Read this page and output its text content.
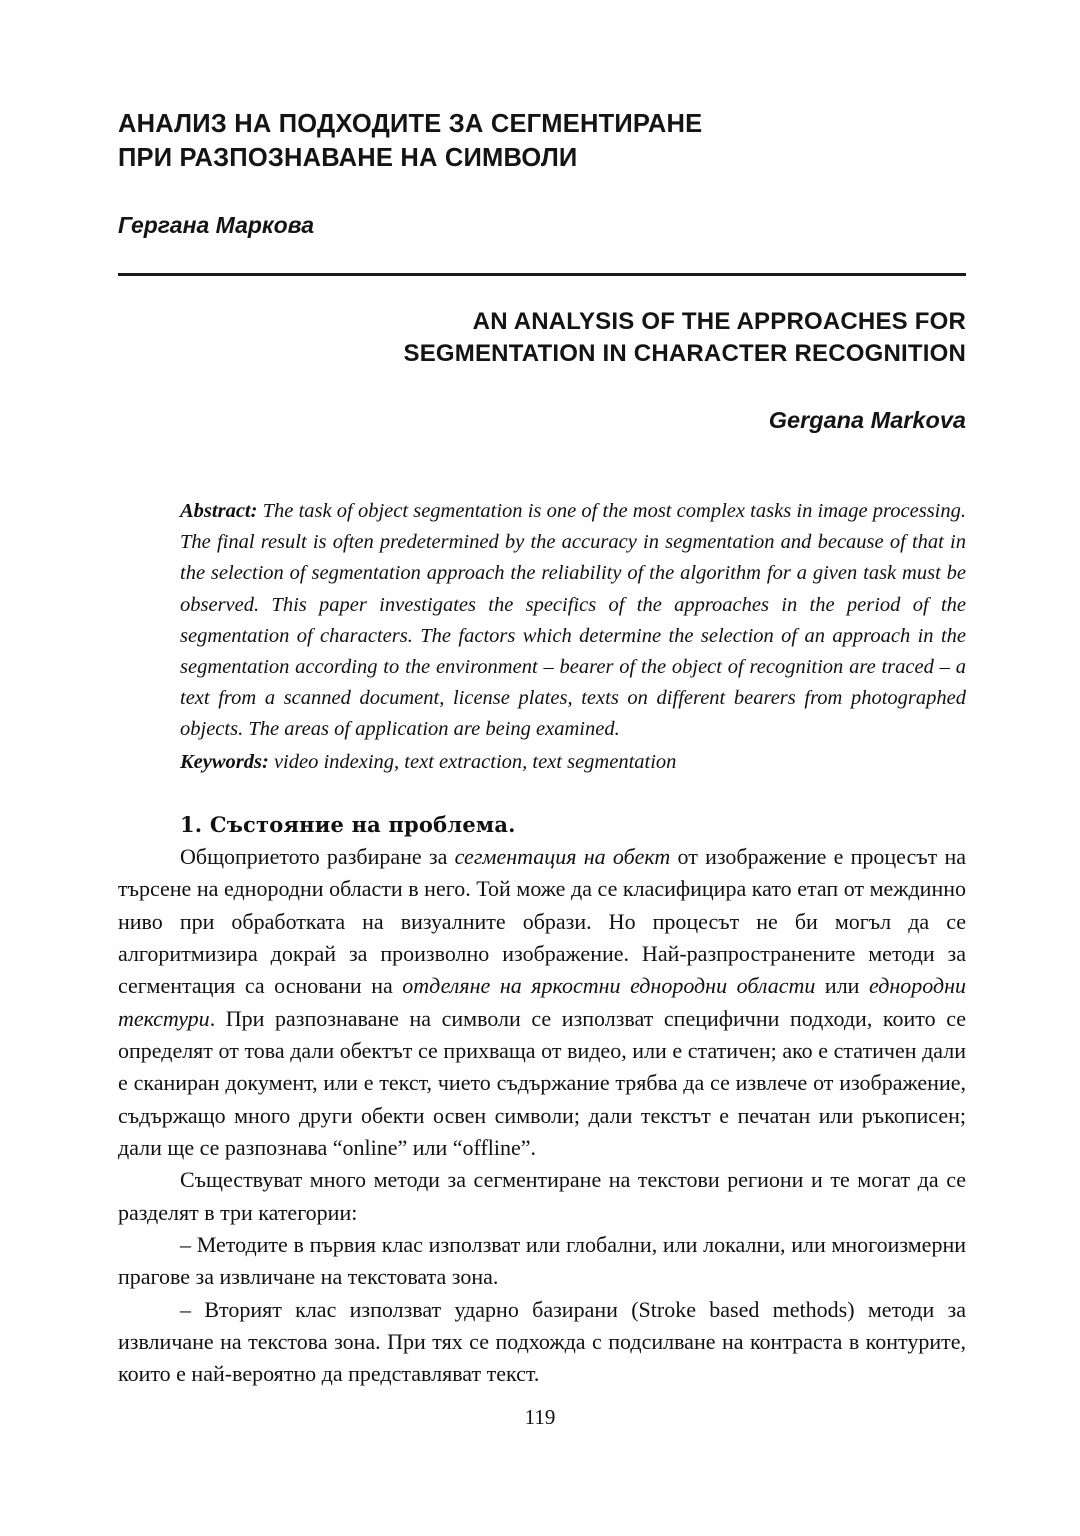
АНАЛИЗ НА ПОДХОДИТЕ ЗА СЕГМЕНТИРАНЕ
ПРИ РАЗПОЗНАВАНЕ НА СИМВОЛИ
Гергана Маркова
AN ANALYSIS OF THE APPROACHES FOR
SEGMENTATION IN CHARACTER RECOGNITION
Gergana Markova

Abstract: The task of object segmentation is one of the most complex tasks in image processing. The final result is often predetermined by the accuracy in segmentation and because of that in the selection of segmentation approach the reliability of the algorithm for a given task must be observed. This paper investigates the specifics of the approaches in the period of the segmentation of characters. The factors which determine the selection of an approach in the segmentation according to the environment – bearer of the object of recognition are traced – a text from a scanned document, license plates, texts on different bearers from photographed objects. The areas of application are being examined.

Keywords: video indexing, text extraction, text segmentation

1. Състояние на проблема.

Общоприетото разбиране за сегментация на обект от изображение е процесът на търсене на еднородни области в него. Той може да се класифицира като етап от междинно ниво при обработката на визуалните образи. Но процесът не би могъл да се алгоритмизира докрай за произволно изображение. Най-разпространените методи за сегментация са основани на отделяне на яркостни еднородни области или еднородни текстури. При разпознаване на символи се използват специфични подходи, които се определят от това дали обектът се прихваща от видео, или е статичен; ако е статичен дали е сканиран документ, или е текст, чието съдържание трябва да се извлече от изображение, съдържащо много други обекти освен символи; дали текстът е печатан или ръкописен; дали ще се разпознава “online” или “offline”.

Съществуват много методи за сегментиране на текстови региони и те могат да се разделят в три категории:

– Методите в първия клас използват или глобални, или локални, или многоизмерни прагове за извличане на текстовата зона.

– Вторият клас използват ударно базирани (Stroke based methods) методи за извличане на текстова зона. При тях се подхожда с подсилване на контраста в контурите, които е най-вероятно да представляват текст.

119
